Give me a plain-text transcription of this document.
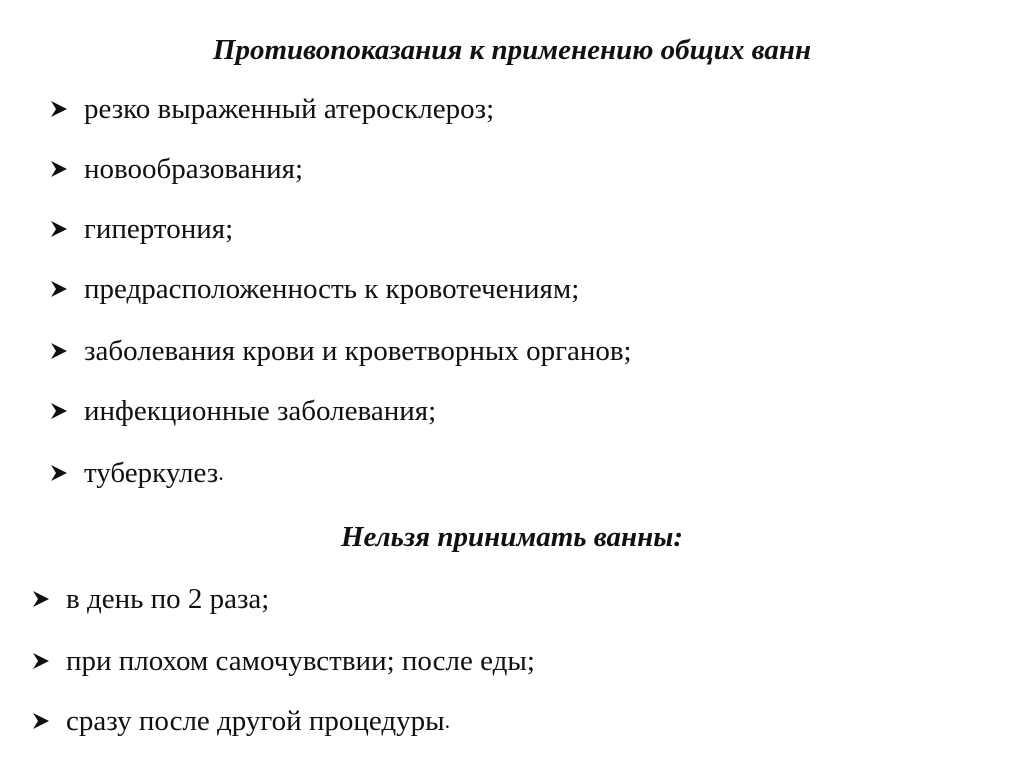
Противопоказания к применению общих ванн
резко выраженный атеросклероз;
новообразования;
гипертония;
предрасположенность к кровотечениям;
заболевания крови и кроветворных органов;
инфекционные заболевания;
туберкулез .
Нельзя принимать ванны:
в день по 2 раза;
при плохом самочувствии; после еды;
сразу после другой процедуры .
